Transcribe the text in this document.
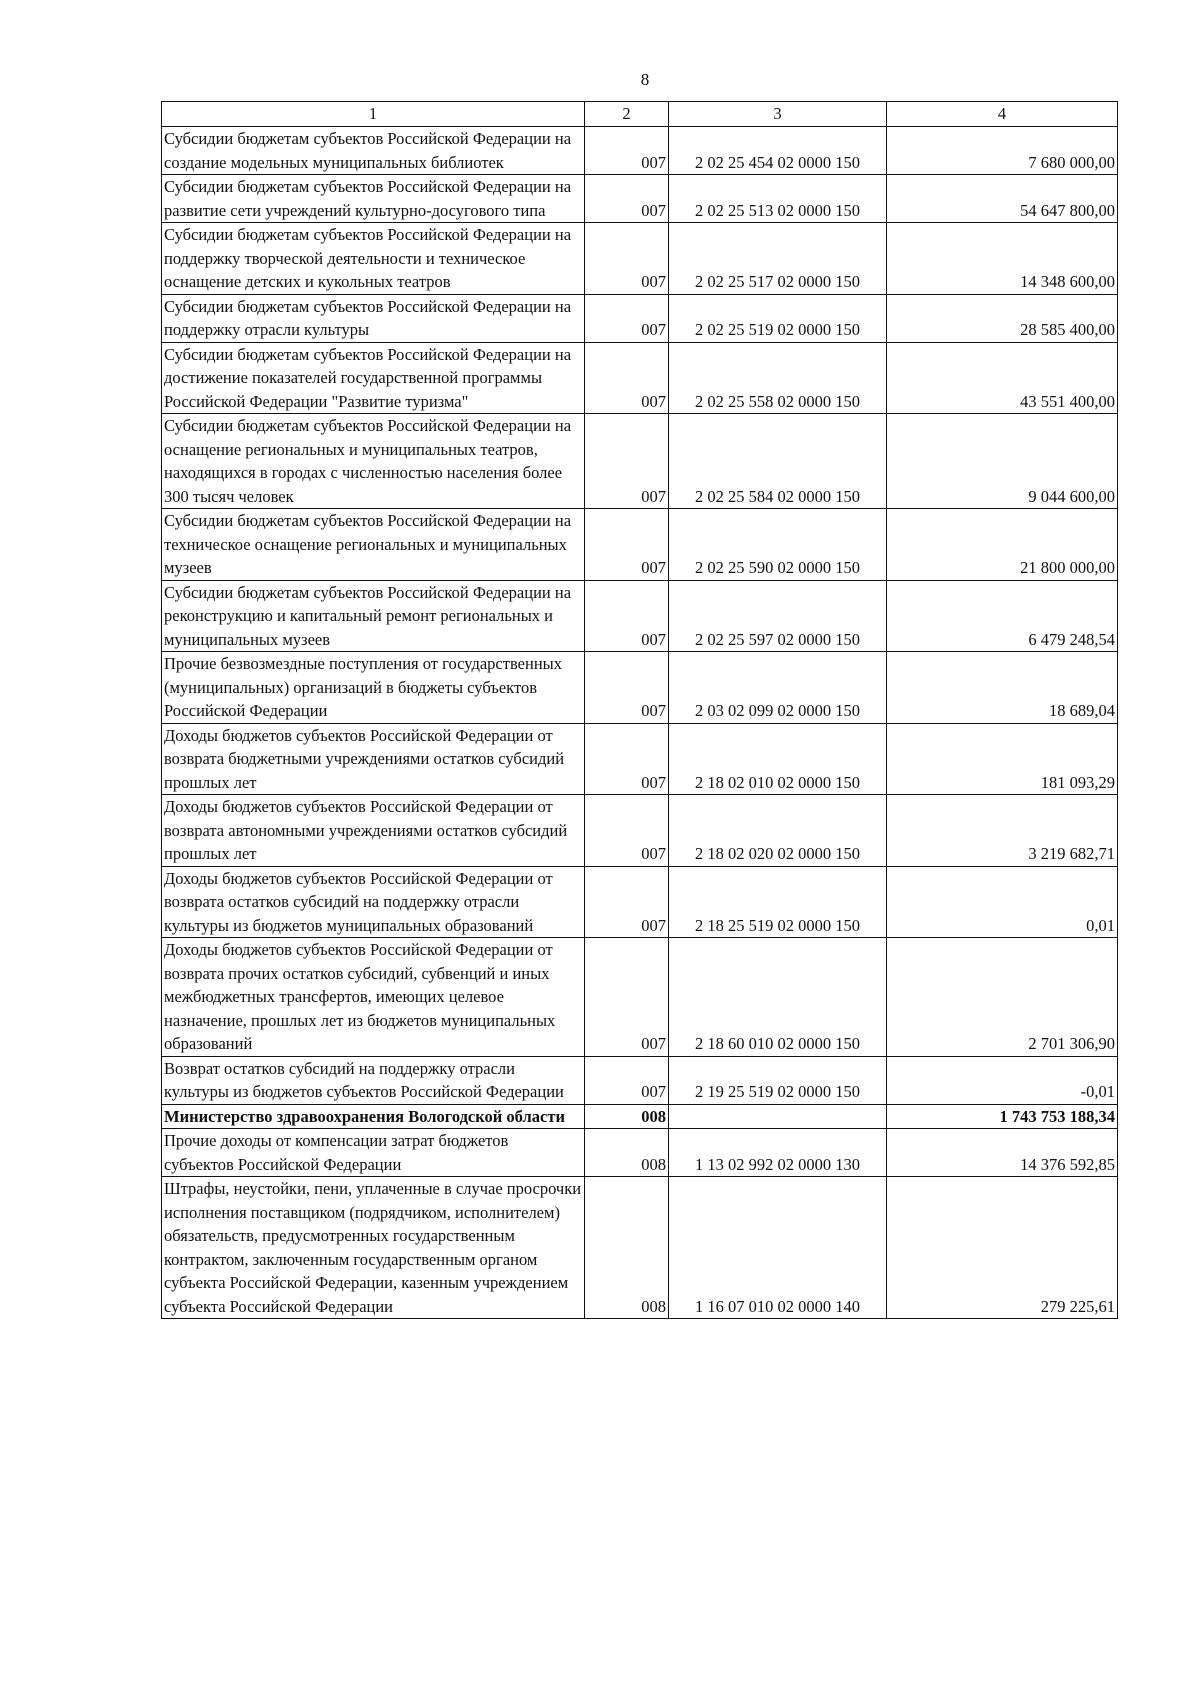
8
1	2	3	4
Субсидии бюджетам субъектов Российской Федерации на создание модельных муниципальных библиотек	007	2 02 25 454 02 0000 150	7 680 000,00
Субсидии бюджетам субъектов Российской Федерации на развитие сети учреждений культурно-досугового типа	007	2 02 25 513 02 0000 150	54 647 800,00
Субсидии бюджетам субъектов Российской Федерации на поддержку творческой деятельности и техническое оснащение детских и кукольных театров	007	2 02 25 517 02 0000 150	14 348 600,00
Субсидии бюджетам субъектов Российской Федерации на поддержку отрасли культуры	007	2 02 25 519 02 0000 150	28 585 400,00
Субсидии бюджетам субъектов Российской Федерации на достижение показателей государственной программы Российской Федерации "Развитие туризма"	007	2 02 25 558 02 0000 150	43 551 400,00
Субсидии бюджетам субъектов Российской Федерации на оснащение региональных и муниципальных театров, находящихся в городах с численностью населения более 300 тысяч человек	007	2 02 25 584 02 0000 150	9 044 600,00
Субсидии бюджетам субъектов Российской Федерации на техническое оснащение региональных и муниципальных музеев	007	2 02 25 590 02 0000 150	21 800 000,00
Субсидии бюджетам субъектов Российской Федерации на реконструкцию и капитальный ремонт региональных и муниципальных музеев	007	2 02 25 597 02 0000 150	6 479 248,54
Прочие безвозмездные поступления от государственных (муниципальных) организаций в бюджеты субъектов Российской Федерации	007	2 03 02 099 02 0000 150	18 689,04
Доходы бюджетов субъектов Российской Федерации от возврата бюджетными учреждениями остатков субсидий прошлых лет	007	2 18 02 010 02 0000 150	181 093,29
Доходы бюджетов субъектов Российской Федерации от возврата автономными учреждениями остатков субсидий прошлых лет	007	2 18 02 020 02 0000 150	3 219 682,71
Доходы бюджетов субъектов Российской Федерации от возврата остатков субсидий на поддержку отрасли культуры из бюджетов муниципальных образований	007	2 18 25 519 02 0000 150	0,01
Доходы бюджетов субъектов Российской Федерации от возврата прочих остатков субсидий, субвенций и иных межбюджетных трансфертов, имеющих целевое назначение, прошлых лет из бюджетов муниципальных образований	007	2 18 60 010 02 0000 150	2 701 306,90
Возврат остатков субсидий на поддержку отрасли культуры из бюджетов субъектов Российской Федерации	007	2 19 25 519 02 0000 150	-0,01
Министерство здравоохранения Вологодской области	008		1 743 753 188,34
Прочие доходы от компенсации затрат бюджетов субъектов Российской Федерации	008	1 13 02 992 02 0000 130	14 376 592,85
Штрафы, неустойки, пени, уплаченные в случае просрочки исполнения поставщиком (подрядчиком, исполнителем) обязательств, предусмотренных государственным контрактом, заключенным государственным органом субъекта Российской Федерации, казенным учреждением субъекта Российской Федерации	008	1 16 07 010 02 0000 140	279 225,61
